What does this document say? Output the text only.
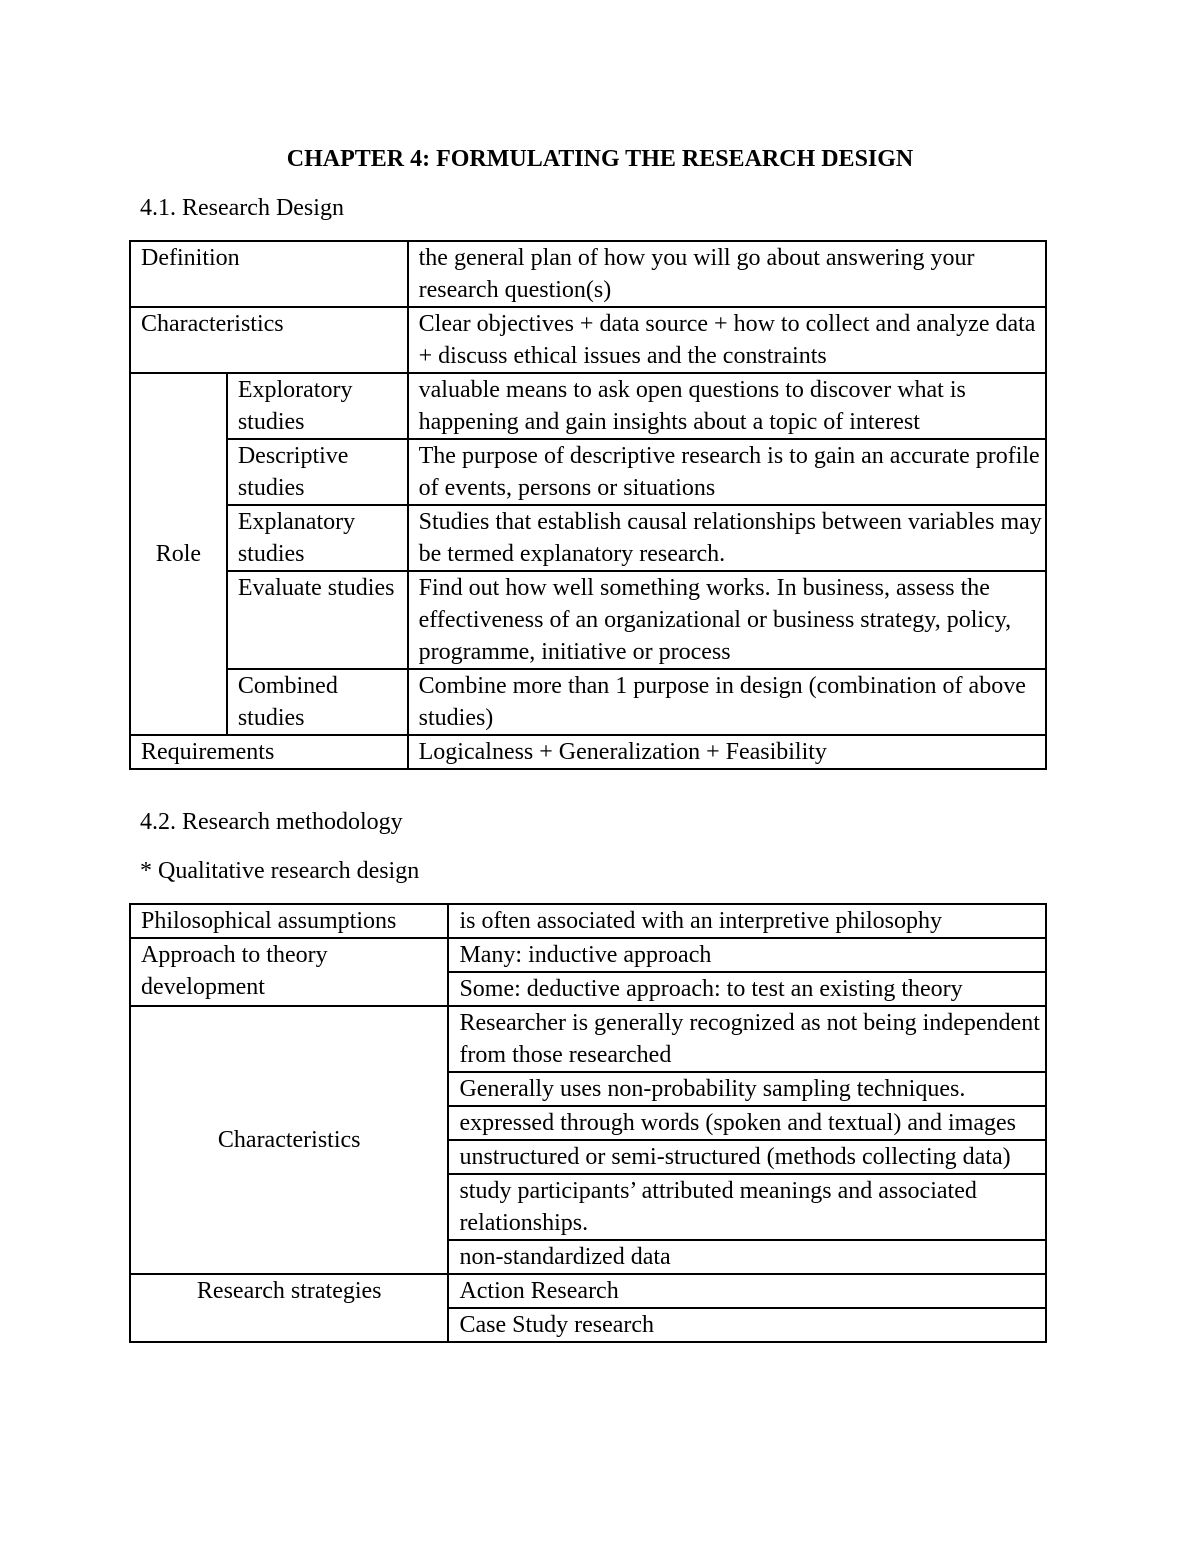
CHAPTER 4: FORMULATING THE RESEARCH DESIGN
4.1. Research Design
Definition		the general plan of how you will go about answering your research question(s)
Characteristics		Clear objectives + data source + how to collect and analyze data + discuss ethical issues and the constraints
Role	Exploratory studies	valuable means to ask open questions to discover what is happening and gain insights about a topic of interest
	Descriptive studies	The purpose of descriptive research is to gain an accurate profile of events, persons or situations
	Explanatory studies	Studies that establish causal relationships between variables may be termed explanatory research.
	Evaluate studies	Find out how well something works. In business, assess the effectiveness of an organizational or business strategy, policy, programme, initiative or process
	Combined studies	Combine more than 1 purpose in design (combination of above studies)
Requirements		Logicalness + Generalization + Feasibility
4.2. Research methodology
* Qualitative research design
Philosophical assumptions	is often associated with an interpretive philosophy
Approach to theory development	Many: inductive approach
	Some: deductive approach: to test an existing theory
Characteristics	Researcher is generally recognized as not being independent from those researched
	Generally uses non-probability sampling techniques.
	expressed through words (spoken and textual) and images
	unstructured or semi-structured (methods collecting data)
	study participants’ attributed meanings and associated relationships.
	non-standardized data
Research strategies	Action Research
	Case Study research
